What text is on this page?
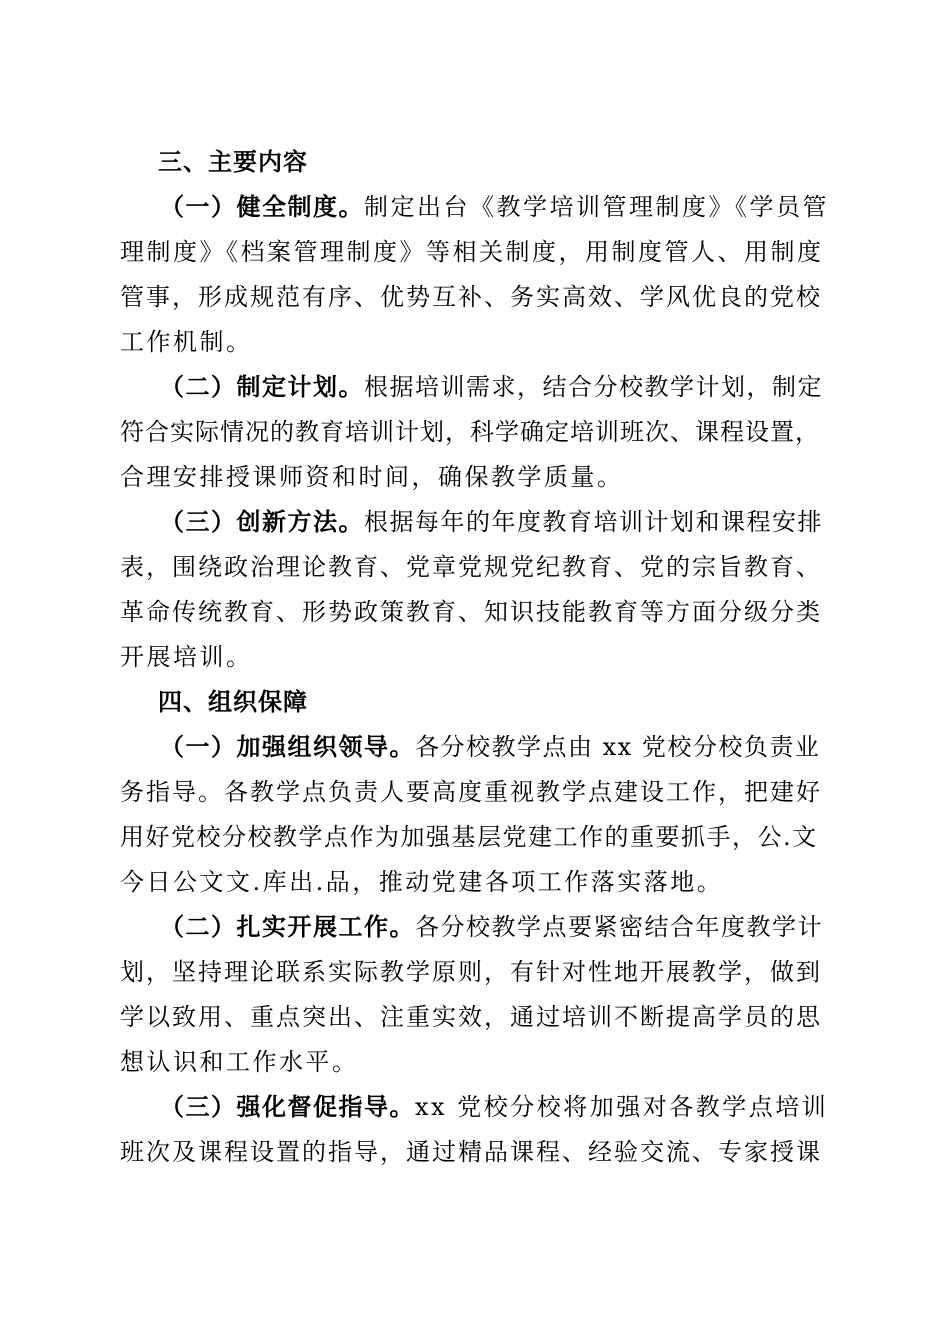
三、主要内容
（一）健全制度。制定出台《教学培训管理制度》《学员管
理制度》《档案管理制度》等相关制度，用制度管人、用制度
管事，形成规范有序、优势互补、务实高效、学风优良的党校
工作机制。
（二）制定计划。根据培训需求，结合分校教学计划，制定
符合实际情况的教育培训计划，科学确定培训班次、课程设置，
合理安排授课师资和时间，确保教学质量。
（三）创新方法。根据每年的年度教育培训计划和课程安排
表，围绕政治理论教育、党章党规党纪教育、党的宗旨教育、
革命传统教育、形势政策教育、知识技能教育等方面分级分类
开展培训。
四、组织保障
（一）加强组织领导。各分校教学点由 xx 党校分校负责业
务指导。各教学点负责人要高度重视教学点建设工作，把建好
用好党校分校教学点作为加强基层党建工作的重要抓手，公.文
今日公文文.库出.品，推动党建各项工作落实落地。
（二）扎实开展工作。各分校教学点要紧密结合年度教学计
划，坚持理论联系实际教学原则，有针对性地开展教学，做到
学以致用、重点突出、注重实效，通过培训不断提高学员的思
想认识和工作水平。
（三）强化督促指导。xx 党校分校将加强对各教学点培训
班次及课程设置的指导，通过精品课程、经验交流、专家授课
